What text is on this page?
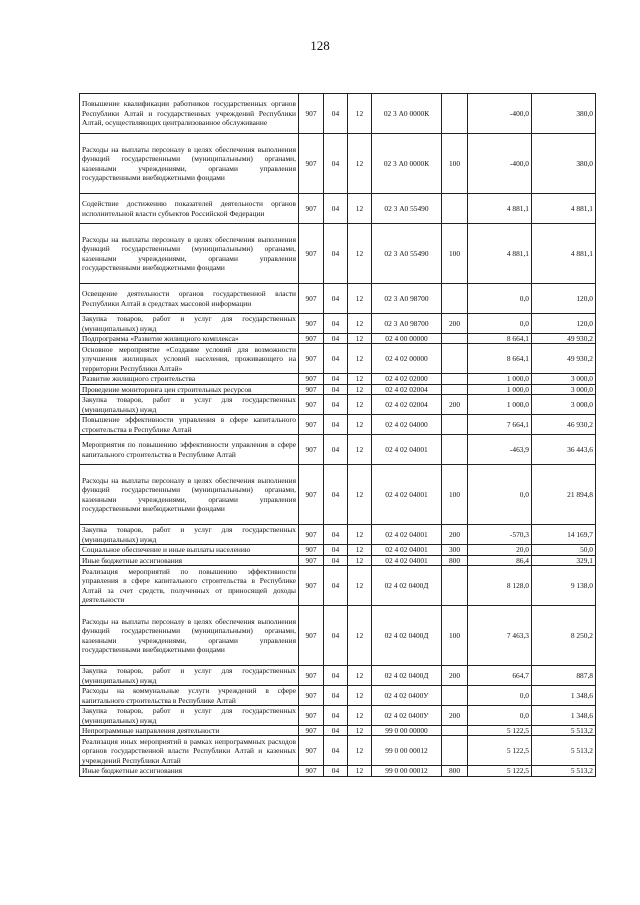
128
Повышение квалификации работников государственных органов Республики Алтай и государственных учреждений Республики Алтай, осуществляющих централизованное обслуживание	907	04	12	02 3 А0 0000К		-400,0	380,0
Расходы на выплаты персоналу в целях обеспечения выполнения функций государственными (муниципальными) органами, казенными учреждениями, органами управления государственными внебюджетными фондами	907	04	12	02 3 А0 0000К	100	-400,0	380,0
Содействие достижению показателей деятельности органов исполнительной власти субъектов Российской Федерации	907	04	12	02 3 А0 55490		4 881,1	4 881,1
Расходы на выплаты персоналу в целях обеспечения выполнения функций государственными (муниципальными) органами, казенными учреждениями, органами управления государственными внебюджетными фондами	907	04	12	02 3 А0 55490	100	4 881,1	4 881,1
Освещение деятельности органов государственной власти Республики Алтай в средствах массовой информации	907	04	12	02 3 А0 98700		0,0	120,0
Закупка товаров, работ и услуг для государственных (муниципальных) нужд	907	04	12	02 3 А0 98700	200	0,0	120,0
Подпрограмма «Развитие жилищного комплекса»	907	04	12	02 4 00 00000		8 664,1	49 930,2
Основное мероприятие «Создание условий для возможности улучшения жилищных условий населения, проживающего на территории Республики Алтай»	907	04	12	02 4 02 00000		8 664,1	49 930,2
Развитие жилищного строительства	907	04	12	02 4 02 02000		1 000,0	3 000,0
Проведение мониторинга цен строительных ресурсов	907	04	12	02 4 02 02004		1 000,0	3 000,0
Закупка товаров, работ и услуг для государственных (муниципальных) нужд	907	04	12	02 4 02 02004	200	1 000,0	3 000,0
Повышение эффективности управления в сфере капитального строительства в Республике Алтай	907	04	12	02 4 02 04000		7 664,1	46 930,2
Мероприятия по повышению эффективности управления в сфере капитального строительства в Республике Алтай	907	04	12	02 4 02 04001		-463,9	36 443,6
Расходы на выплаты персоналу в целях обеспечения выполнения функций государственными (муниципальными) органами, казенными учреждениями, органами управления государственными внебюджетными фондами	907	04	12	02 4 02 04001	100	0,0	21 894,8
Закупка товаров, работ и услуг для государственных (муниципальных) нужд	907	04	12	02 4 02 04001	200	-570,3	14 169,7
Социальное обеспечение и иные выплаты населению	907	04	12	02 4 02 04001	300	20,0	50,0
Иные бюджетные ассигнования	907	04	12	02 4 02 04001	800	86,4	329,1
Реализация мероприятий по повышению эффективности управления в сфере капитального строительства в Республике Алтай за счет средств, полученных от приносящей доходы деятельности	907	04	12	02 4 02 0400Д		8 128,0	9 138,0
Расходы на выплаты персоналу в целях обеспечения выполнения функций государственными (муниципальными) органами, казенными учреждениями, органами управления государственными внебюджетными фондами	907	04	12	02 4 02 0400Д	100	7 463,3	8 250,2
Закупка товаров, работ и услуг для государственных (муниципальных) нужд	907	04	12	02 4 02 0400Д	200	664,7	887,8
Расходы на коммунальные услуги учреждений в сфере капитального строительства в Республике Алтай	907	04	12	02 4 02 0400У		0,0	1 348,6
Закупка товаров, работ и услуг для государственных (муниципальных) нужд	907	04	12	02 4 02 0400У	200	0,0	1 348,6
Непрограммные направления деятельности	907	04	12	99 0 00 00000		5 122,5	5 513,2
Реализация иных мероприятий в рамках непрограммных расходов органов государственной власти Республики Алтай и казенных учреждений Республики Алтай	907	04	12	99 0 00 00012		5 122,5	5 513,2
Иные бюджетные ассигнования	907	04	12	99 0 00 00012	800	5 122,5	5 513,2
